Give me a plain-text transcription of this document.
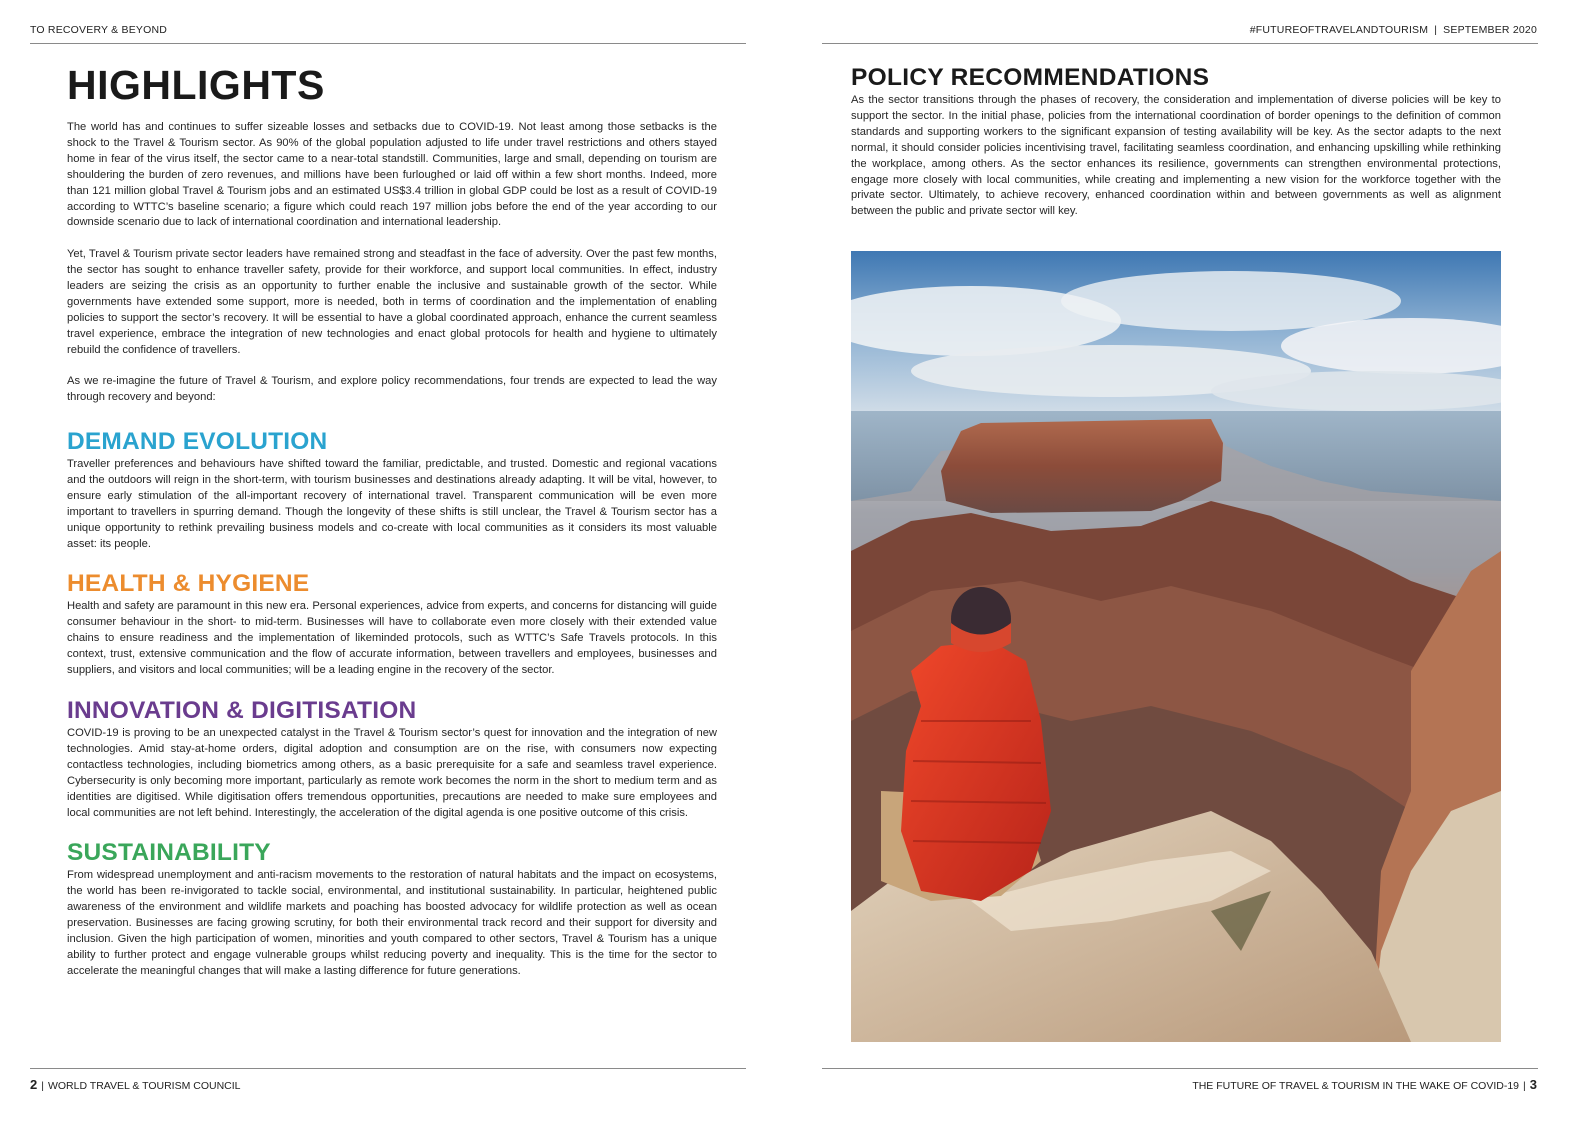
TO RECOVERY & BEYOND
HIGHLIGHTS

The world has and continues to suffer sizeable losses and setbacks due to COVID-19. Not least among those setbacks is the shock to the Travel & Tourism sector. As 90% of the global population adjusted to life under travel restrictions and others stayed home in fear of the virus itself, the sector came to a near-total standstill. Communities, large and small, depending on tourism are shouldering the burden of zero revenues, and millions have been furloughed or laid off within a few short months. Indeed, more than 121 million global Travel & Tourism jobs and an estimated US$3.4 trillion in global GDP could be lost as a result of COVID-19 according to WTTC’s baseline scenario; a figure which could reach 197 million jobs before the end of the year according to our downside scenario due to lack of international coordination and international leadership.

Yet, Travel & Tourism private sector leaders have remained strong and steadfast in the face of adversity. Over the past few months, the sector has sought to enhance traveller safety, provide for their workforce, and support local communities. In effect, industry leaders are seizing the crisis as an opportunity to further enable the inclusive and sustainable growth of the sector. While governments have extended some support, more is needed, both in terms of coordination and the implementation of enabling policies to support the sector’s recovery. It will be essential to have a global coordinated approach, enhance the current seamless travel experience, embrace the integration of new technologies and enact global protocols for health and hygiene to ultimately rebuild the confidence of travellers.

As we re-imagine the future of Travel & Tourism, and explore policy recommendations, four trends are expected to lead the way through recovery and beyond:

DEMAND EVOLUTION

Traveller preferences and behaviours have shifted toward the familiar, predictable, and trusted. Domestic and regional vacations and the outdoors will reign in the short-term, with tourism businesses and destinations already adapting. It will be vital, however, to ensure early stimulation of the all-important recovery of international travel. Transparent communication will be even more important to travellers in spurring demand. Though the longevity of these shifts is still unclear, the Travel & Tourism sector has a unique opportunity to rethink prevailing business models and co-create with local communities as it considers its most valuable asset: its people.

HEALTH & HYGIENE

Health and safety are paramount in this new era. Personal experiences, advice from experts, and concerns for distancing will guide consumer behaviour in the short- to mid-term. Businesses will have to collaborate even more closely with their extended value chains to ensure readiness and the implementation of likeminded protocols, such as WTTC’s Safe Travels protocols. In this context, trust, extensive communication and the flow of accurate information, between travellers and employees, businesses and suppliers, and visitors and local communities; will be a leading engine in the recovery of the sector.

INNOVATION & DIGITISATION

COVID-19 is proving to be an unexpected catalyst in the Travel & Tourism sector’s quest for innovation and the integration of new technologies. Amid stay-at-home orders, digital adoption and consumption are on the rise, with consumers now expecting contactless technologies, including biometrics among others, as a basic prerequisite for a safe and seamless travel experience. Cybersecurity is only becoming more important, particularly as remote work becomes the norm in the short to medium term and as identities are digitised. While digitisation offers tremendous opportunities, precautions are needed to make sure employees and local communities are not left behind. Interestingly, the acceleration of the digital agenda is one positive outcome of this crisis.

SUSTAINABILITY

From widespread unemployment and anti-racism movements to the restoration of natural habitats and the impact on ecosystems, the world has been re-invigorated to tackle social, environmental, and institutional sustainability. In particular, heightened public awareness of the environment and wildlife markets and poaching has boosted advocacy for wildlife protection as well as ocean preservation. Businesses are facing growing scrutiny, for both their environmental track record and their support for diversity and inclusion. Given the high participation of women, minorities and youth compared to other sectors, Travel & Tourism has a unique ability to further protect and engage vulnerable groups whilst reducing poverty and inequality. This is the time for the sector to accelerate the meaningful changes that will make a lasting difference for future generations.

2 | WORLD TRAVEL & TOURISM COUNCIL
#FUTUREOFTRAVELANDTOURISM | SEPTEMBER 2020
POLICY RECOMMENDATIONS

As the sector transitions through the phases of recovery, the consideration and implementation of diverse policies will be key to support the sector. In the initial phase, policies from the international coordination of border openings to the definition of common standards and supporting workers to the significant expansion of testing availability will be key. As the sector adapts to the next normal, it should consider policies incentivising travel, facilitating seamless coordination, and enhancing upskilling while rethinking the workplace, among others. As the sector enhances its resilience, governments can strengthen environmental protections, engage more closely with local communities, while creating and implementing a new vision for the workforce together with the private sector. Ultimately, to achieve recovery, enhanced coordination within and between governments as well as alignment between the public and private sector will key.

THE FUTURE OF TRAVEL & TOURISM IN THE WAKE OF COVID-19 | 3
